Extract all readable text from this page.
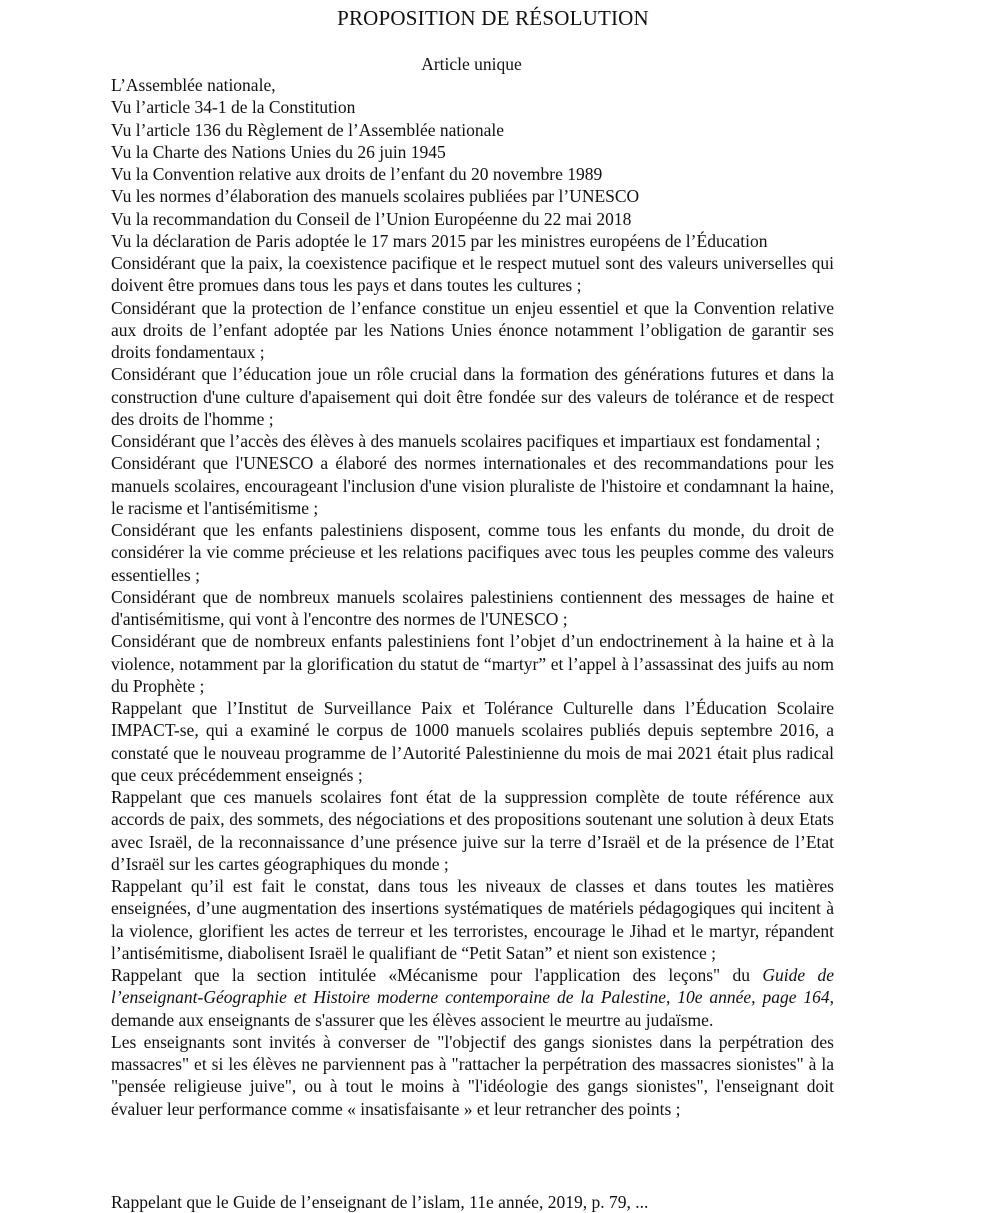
PROPOSITION DE RÉSOLUTION
Article unique

L’Assemblée nationale,

Vu l’article 34-1 de la Constitution

Vu l’article 136 du Règlement de l’Assemblée nationale

Vu la Charte des Nations Unies du 26 juin 1945

Vu la Convention relative aux droits de l’enfant du 20 novembre 1989

Vu les normes d’élaboration des manuels scolaires publiées par l’UNESCO

Vu la recommandation du Conseil de l’Union Européenne du 22 mai 2018

Vu la déclaration de Paris adoptée le 17 mars 2015 par les ministres européens de l’Éducation

Considérant que la paix, la coexistence pacifique et le respect mutuel sont des valeurs universelles qui doivent être promues dans tous les pays et dans toutes les cultures ;

Considérant que la protection de l’enfance constitue un enjeu essentiel et que la Convention relative aux droits de l’enfant adoptée par les Nations Unies énonce notamment l’obligation de garantir ses droits fondamentaux ;

Considérant que l’éducation joue un rôle crucial dans la formation des générations futures et dans la construction d'une culture d'apaisement qui doit être fondée sur des valeurs de tolérance et de respect des droits de l'homme ;

Considérant que l’accès des élèves à des manuels scolaires pacifiques et impartiaux est fondamental ;

Considérant que l'UNESCO a élaboré des normes internationales et des recommandations pour les manuels scolaires, encourageant l'inclusion d'une vision pluraliste de l'histoire et condamnant la haine, le racisme et l'antisémitisme ;

Considérant que les enfants palestiniens disposent, comme tous les enfants du monde, du droit de considérer la vie comme précieuse et les relations pacifiques avec tous les peuples comme des valeurs essentielles ;

Considérant que de nombreux manuels scolaires palestiniens contiennent des messages de haine et d'antisémitisme, qui vont à l'encontre des normes de l'UNESCO ;

Considérant que de nombreux enfants palestiniens font l’objet d’un endoctrinement à la haine et à la violence, notamment par la glorification du statut de “martyr” et l’appel à l’assassinat des juifs au nom du Prophète ;

Rappelant que l’Institut de Surveillance Paix et Tolérance Culturelle dans l’Éducation Scolaire IMPACT-se, qui a examiné le corpus de 1000 manuels scolaires publiés depuis septembre 2016, a constaté que le nouveau programme de l’Autorité Palestinienne du mois de mai 2021 était plus radical que ceux précédemment enseignés ;

Rappelant que ces manuels scolaires font état de la suppression complète de toute référence aux accords de paix, des sommets, des négociations et des propositions soutenant une solution à deux Etats avec Israël, de la reconnaissance d’une présence juive sur la terre d’Israël et de la présence de l’Etat d’Israël sur les cartes géographiques du monde ;

Rappelant qu’il est fait le constat, dans tous les niveaux de classes et dans toutes les matières enseignées, d’une augmentation des insertions systématiques de matériels pédagogiques qui incitent à la violence, glorifient les actes de terreur et les terroristes, encourage le Jihad et le martyr, répandent l’antisémitisme, diabolisent Israël le qualifiant de “Petit Satan” et nient son existence ;

Rappelant que la section intitulée «Mécanisme pour l'application des leçons" du Guide de l’enseignant-Géographie et Histoire moderne contemporaine de la Palestine, 10e année, page 164, demande aux enseignants de s'assurer que les élèves associent le meurtre au judaïsme.

Les enseignants sont invités à converser de "l'objectif des gangs sionistes dans la perpétration des massacres" et si les élèves ne parviennent pas à "rattacher la perpétration des massacres sionistes" à la "pensée religieuse juive", ou à tout le moins à "l'idéologie des gangs sionistes", l'enseignant doit évaluer leur performance comme « insatisfaisante » et leur retrancher des points ;

Rappelant que le Guide de l’enseignant de l’islam, 11e année, 2019, p. 79, ...
